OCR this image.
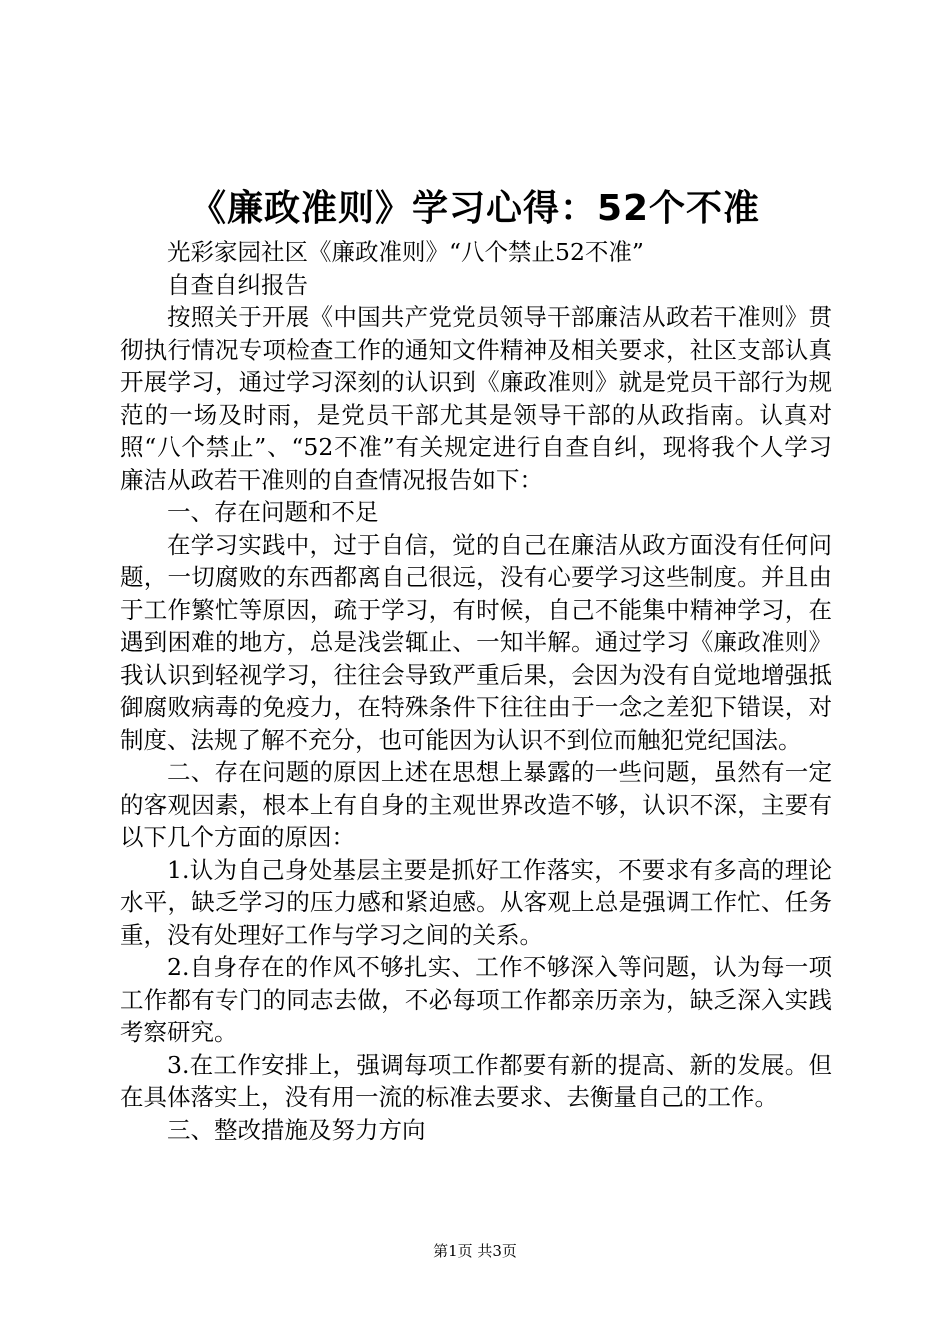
《廉政准则》学习心得：52个不准

光彩家园社区《廉政准则》“八个禁止52不准”

自查自纠报告

按照关于开展《中国共产党党员领导干部廉洁从政若干准则》贯彻执行情况专项检查工作的通知文件精神及相关要求，社区支部认真开展学习，通过学习深刻的认识到《廉政准则》就是党员干部行为规范的一场及时雨，是党员干部尤其是领导干部的从政指南。认真对照“八个禁止”、“52不准”有关规定进行自查自纠，现将我个人学习廉洁从政若干准则的自查情况报告如下：

一、存在问题和不足

在学习实践中，过于自信，觉的自己在廉洁从政方面没有任何问题，一切腐败的东西都离自己很远，没有心要学习这些制度。并且由于工作繁忙等原因，疏于学习，有时候，自己不能集中精神学习，在遇到困难的地方，总是浅尝辄止、一知半解。通过学习《廉政准则》我认识到轻视学习，往往会导致严重后果，会因为没有自觉地增强抵御腐败病毒的免疫力，在特殊条件下往往由于一念之差犯下错误，对制度、法规了解不充分，也可能因为认识不到位而触犯党纪国法。

二、存在问题的原因上述在思想上暴露的一些问题，虽然有一定的客观因素，根本上有自身的主观世界改造不够，认识不深，主要有以下几个方面的原因：

1.认为自己身处基层主要是抓好工作落实，不要求有多高的理论水平，缺乏学习的压力感和紧迫感。从客观上总是强调工作忙、任务重，没有处理好工作与学习之间的关系。

2.自身存在的作风不够扎实、工作不够深入等问题，认为每一项工作都有专门的同志去做，不必每项工作都亲历亲为，缺乏深入实践考察研究。

3.在工作安排上，强调每项工作都要有新的提高、新的发展。但在具体落实上，没有用一流的标准去要求、去衡量自己的工作。

三、整改措施及努力方向

第1页 共3页
